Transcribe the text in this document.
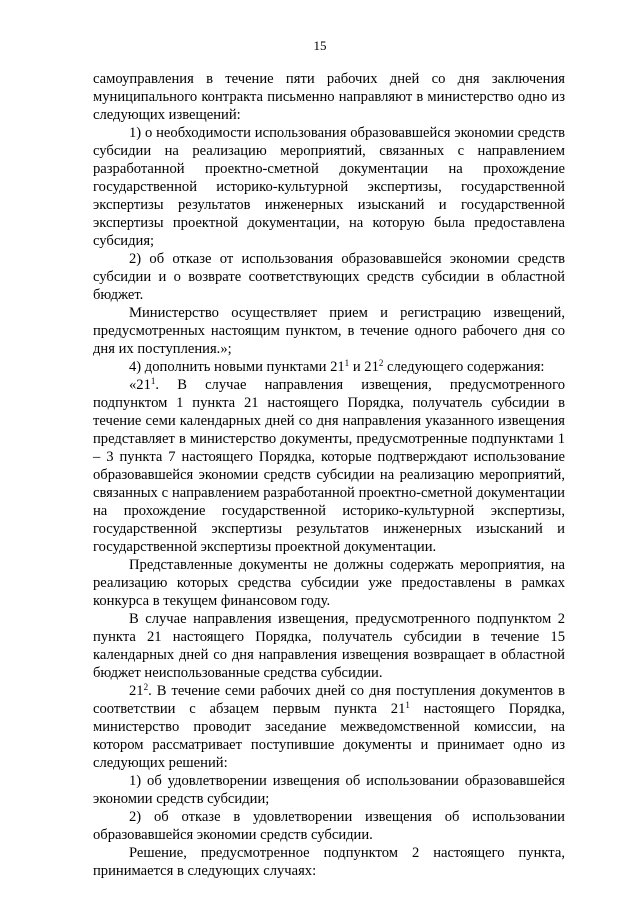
15

самоуправления в течение пяти рабочих дней со дня заключения муниципального контракта письменно направляют в министерство одно из следующих извещений:

1) о необходимости использования образовавшейся экономии средств субсидии на реализацию мероприятий, связанных с направлением разработанной проектно-сметной документации на прохождение государственной историко-культурной экспертизы, государственной экспертизы результатов инженерных изысканий и государственной экспертизы проектной документации, на которую была предоставлена субсидия;

2) об отказе от использования образовавшейся экономии средств субсидии и о возврате соответствующих средств субсидии в областной бюджет.

Министерство осуществляет прием и регистрацию извещений, предусмотренных настоящим пунктом, в течение одного рабочего дня со дня их поступления.»;

4) дополнить новыми пунктами $21^1$ и $21^2$ следующего содержания:

«$21^1$. В случае направления извещения, предусмотренного подпунктом 1 пункта 21 настоящего Порядка, получатель субсидии в течение семи календарных дней со дня направления указанного извещения представляет в министерство документы, предусмотренные подпунктами 1 – 3 пункта 7 настоящего Порядка, которые подтверждают использование образовавшейся экономии средств субсидии на реализацию мероприятий, связанных с направлением разработанной проектно-сметной документации на прохождение государственной историко-культурной экспертизы, государственной экспертизы результатов инженерных изысканий и государственной экспертизы проектной документации.

Представленные документы не должны содержать мероприятия, на реализацию которых средства субсидии уже предоставлены в рамках конкурса в текущем финансовом году.

В случае направления извещения, предусмотренного подпунктом 2 пункта 21 настоящего Порядка, получатель субсидии в течение 15 календарных дней со дня направления извещения возвращает в областной бюджет неиспользованные средства субсидии.

$21^2$. В течение семи рабочих дней со дня поступления документов в соответствии с абзацем первым пункта $21^1$ настоящего Порядка, министерство проводит заседание межведомственной комиссии, на котором рассматривает поступившие документы и принимает одно из следующих решений:

1) об удовлетворении извещения об использовании образовавшейся экономии средств субсидии;

2) об отказе в удовлетворении извещения об использовании образовавшейся экономии средств субсидии.

Решение, предусмотренное подпунктом 2 настоящего пункта, принимается в следующих случаях:
